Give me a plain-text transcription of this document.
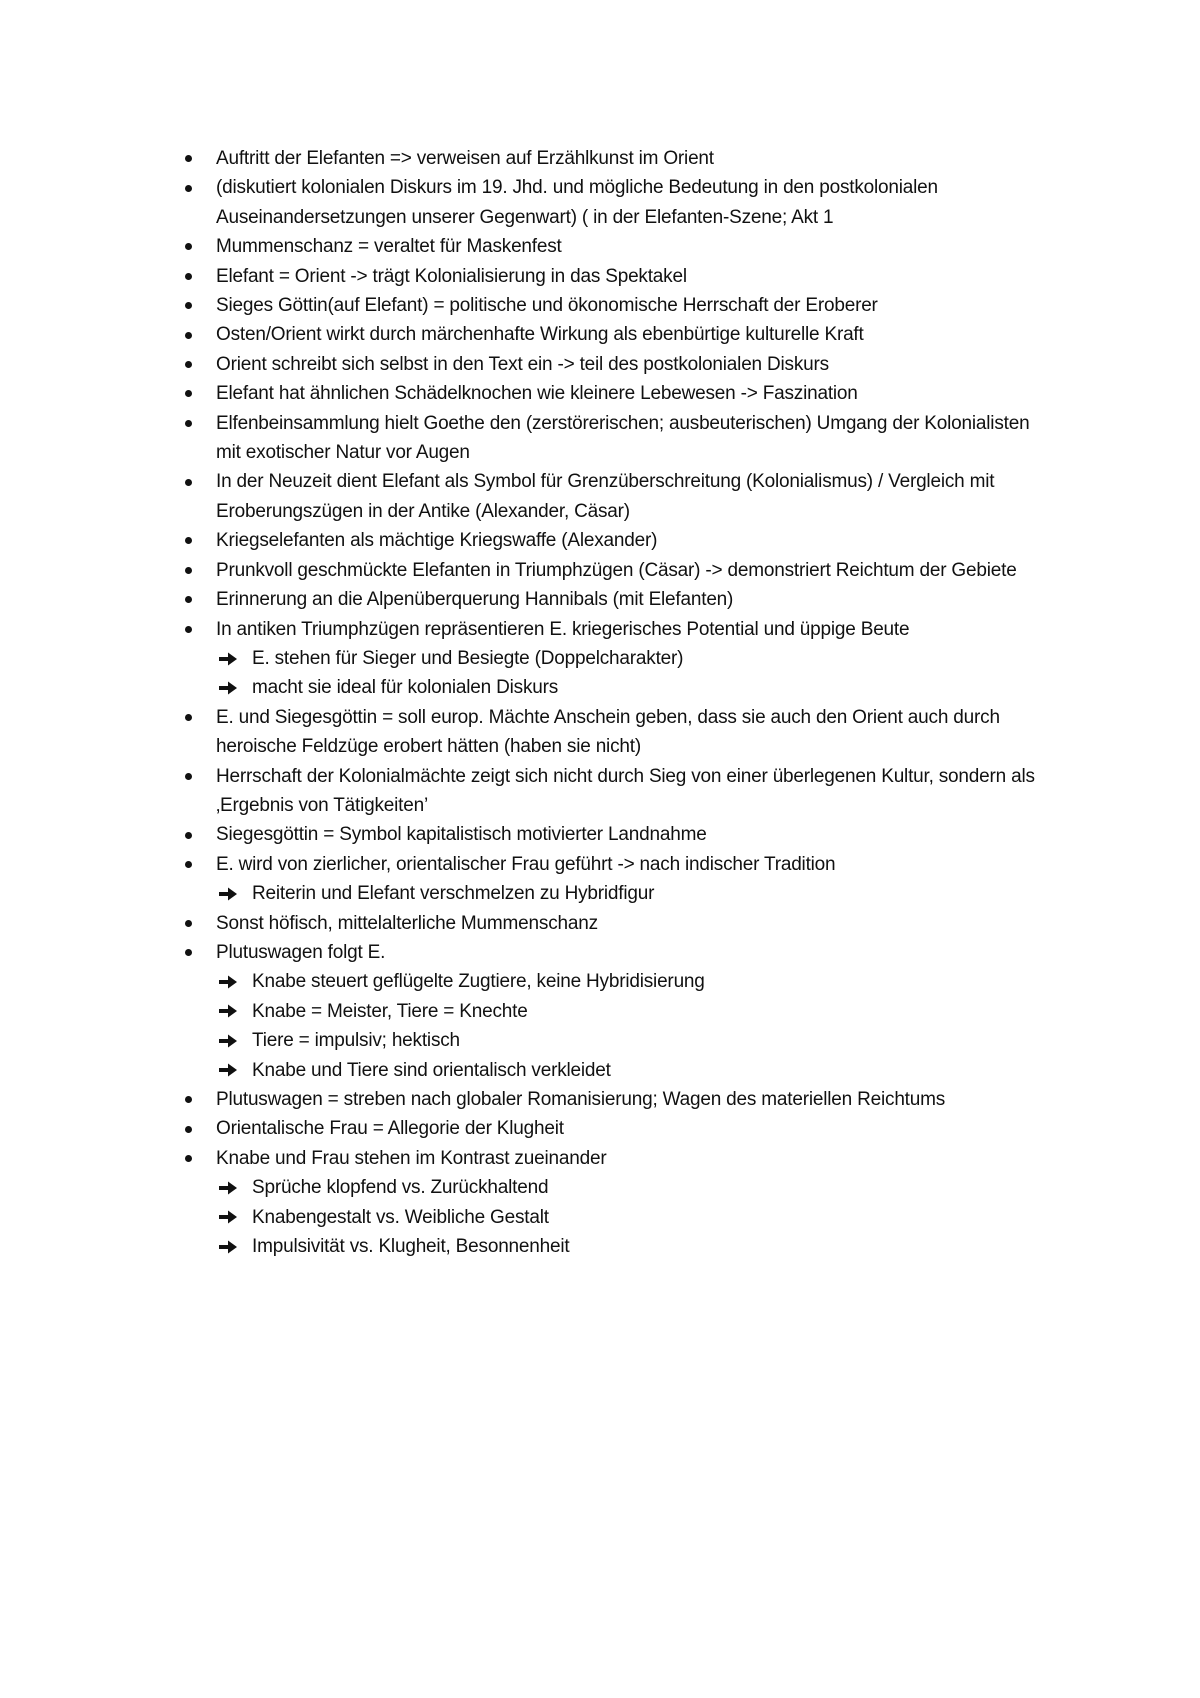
Auftritt der Elefanten => verweisen auf Erzählkunst im Orient
(diskutiert kolonialen Diskurs im 19. Jhd. und mögliche Bedeutung in den postkolonialen Auseinandersetzungen unserer Gegenwart) ( in der Elefanten-Szene; Akt 1
Mummenschanz = veraltet für Maskenfest
Elefant = Orient -> trägt Kolonialisierung in das Spektakel
Sieges Göttin(auf Elefant) = politische und ökonomische Herrschaft der Eroberer
Osten/Orient wirkt durch märchenhafte Wirkung als ebenbürtige kulturelle Kraft
Orient schreibt sich selbst in den Text ein -> teil des postkolonialen Diskurs
Elefant hat ähnlichen Schädelknochen wie kleinere Lebewesen -> Faszination
Elfenbeinsammlung hielt Goethe den (zerstörerischen; ausbeuterischen) Umgang der Kolonialisten mit exotischer Natur vor Augen
In der Neuzeit dient Elefant als Symbol für Grenzüberschreitung (Kolonialismus) / Vergleich mit Eroberungszügen in der Antike (Alexander, Cäsar)
Kriegselefanten als mächtige Kriegswaffe (Alexander)
Prunkvoll geschmückte Elefanten in Triumphzügen (Cäsar) -> demonstriert Reichtum der Gebiete
Erinnerung an die Alpenüberquerung Hannibals (mit Elefanten)
In antiken Triumphzügen repräsentieren E. kriegerisches Potential und üppige Beute
E. stehen für Sieger und Besiegte (Doppelcharakter)
macht sie ideal für kolonialen Diskurs
E. und Siegesgöttin = soll europ. Mächte Anschein geben, dass sie auch den Orient auch durch heroische Feldzüge erobert hätten (haben sie nicht)
Herrschaft der Kolonialmächte zeigt sich nicht durch Sieg von einer überlegenen Kultur, sondern als ‚Ergebnis von Tätigkeiten’
Siegesgöttin = Symbol kapitalistisch motivierter Landnahme
E. wird von zierlicher, orientalischer Frau geführt -> nach indischer Tradition
Reiterin und Elefant verschmelzen zu Hybridfigur
Sonst höfisch, mittelalterliche Mummenschanz
Plutuswagen folgt E.
Knabe steuert geflügelte Zugtiere, keine Hybridisierung
Knabe = Meister, Tiere = Knechte
Tiere = impulsiv; hektisch
Knabe und Tiere sind orientalisch verkleidet
Plutuswagen = streben nach globaler Romanisierung; Wagen des materiellen Reichtums
Orientalische Frau = Allegorie der Klugheit
Knabe und Frau stehen im Kontrast zueinander
Sprüche klopfend vs. Zurückhaltend
Knabengestalt vs. Weibliche Gestalt
Impulsivität vs. Klugheit, Besonnenheit
